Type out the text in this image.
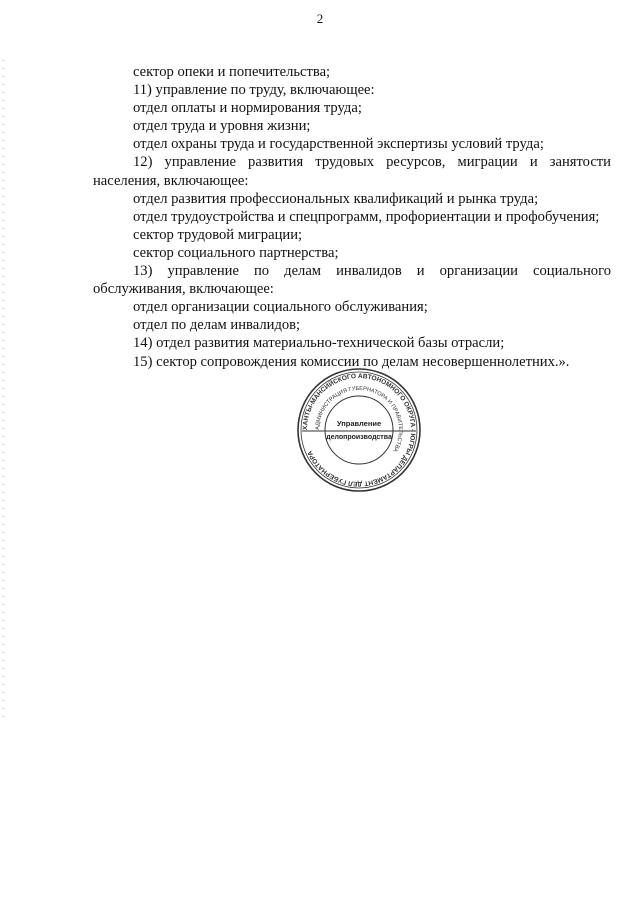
2
сектор опеки и попечительства;
11) управление по труду, включающее:
отдел оплаты и нормирования труда;
отдел труда и уровня жизни;
отдел охраны труда и государственной экспертизы условий труда;
12) управление развития трудовых ресурсов, миграции и занятости населения, включающее:
отдел развития профессиональных квалификаций и рынка труда;
отдел трудоустройства и спецпрограмм, профориентации и профобучения;
сектор трудовой миграции;
сектор социального партнерства;
13) управление по делам инвалидов и организации социального обслуживания, включающее:
отдел организации социального обслуживания;
отдел по делам инвалидов;
14) отдел развития материально-технической базы отрасли;
15) сектор сопровождения комиссии по делам несовершеннолетних.».
ХАНТЫ-МАНСИЙСКОГО АВТОНОМНОГО ОКРУГА - ЮГРЫ ДЕПАРТАМЕНТ ДЕЛ ГУБЕРНАТОРА
АДМИНИСТРАЦИЯ ГУБЕРНАТОРА И ПРАВИТЕЛЬСТВА
Управление
делопроизводства
